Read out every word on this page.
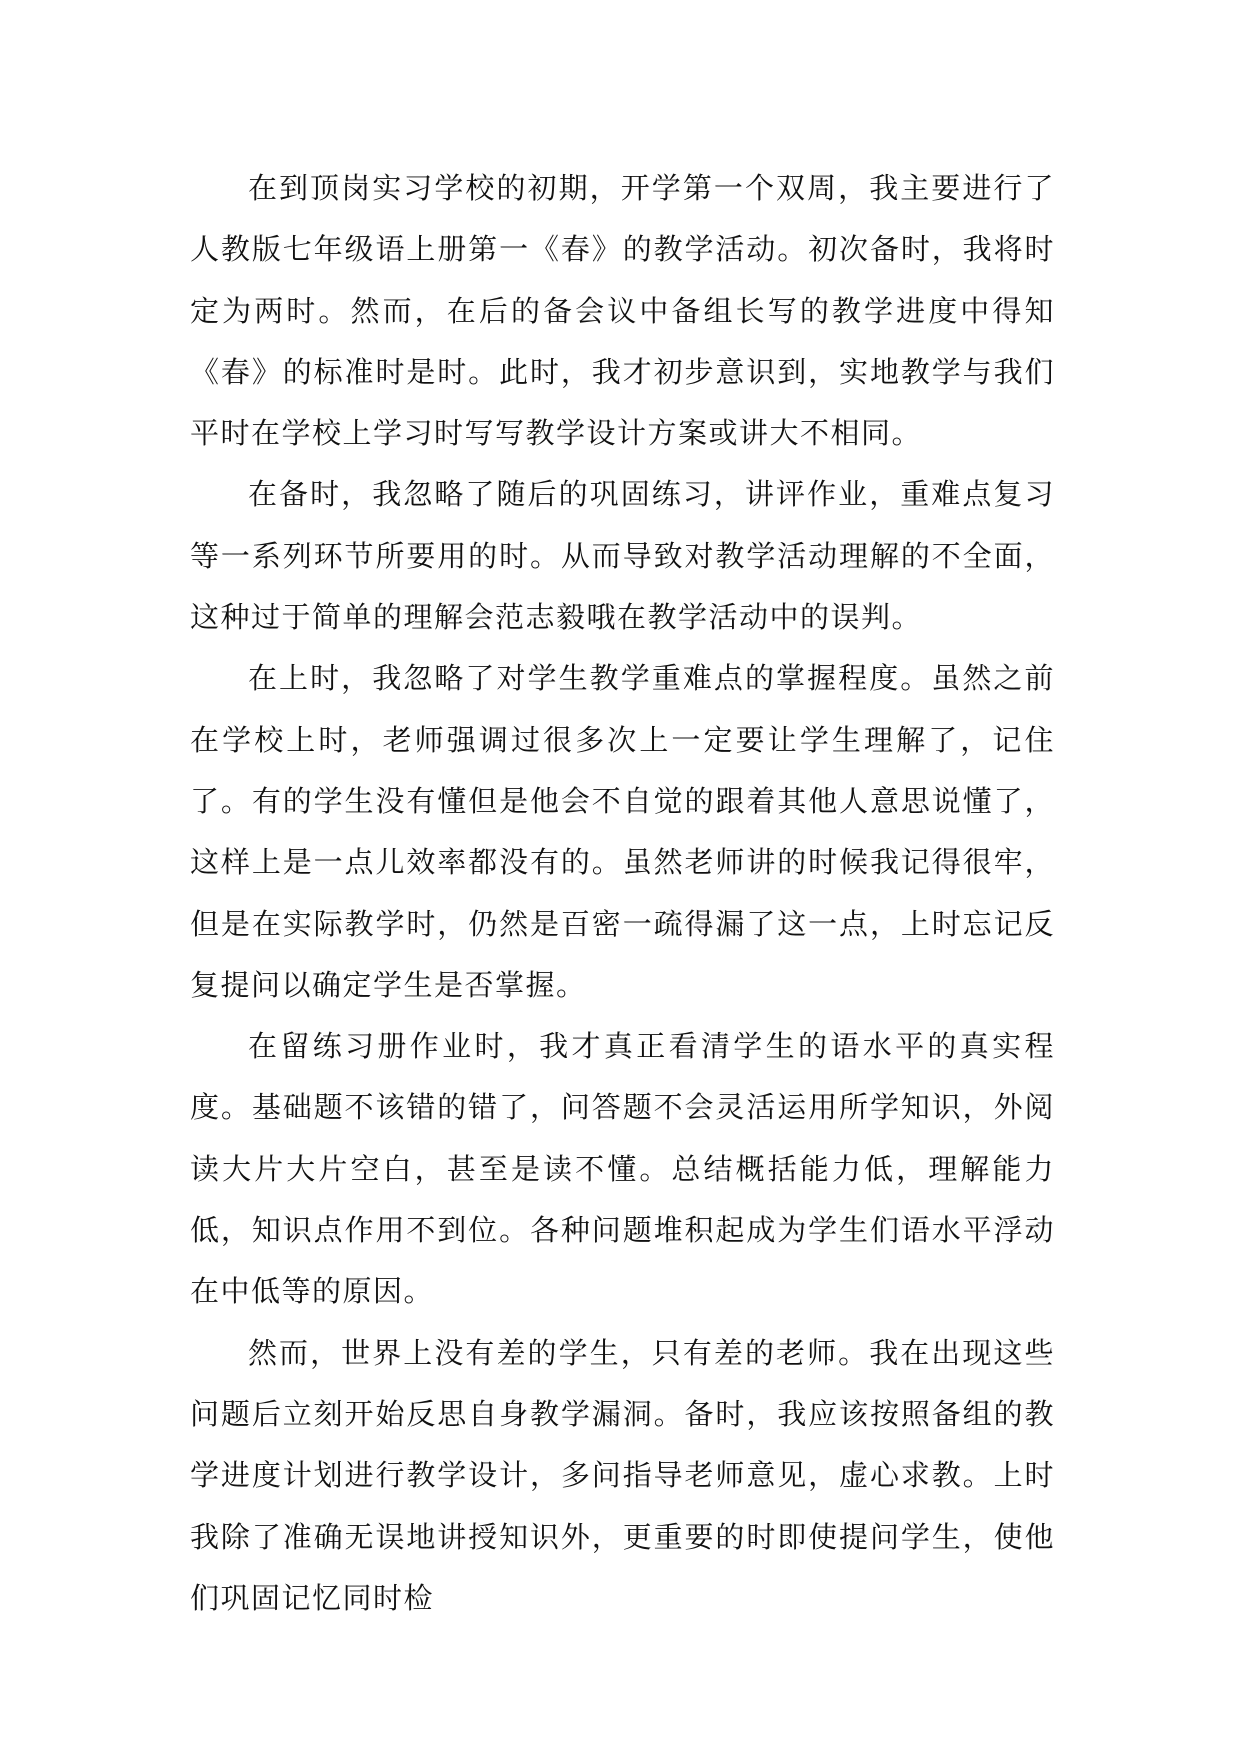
在到顶岗实习学校的初期，开学第一个双周，我主要进行了人教版七年级语上册第一《春》的教学活动。初次备时，我将时定为两时。然而，在后的备会议中备组长写的教学进度中得知《春》的标准时是时。此时，我才初步意识到，实地教学与我们平时在学校上学习时写写教学设计方案或讲大不相同。

在备时，我忽略了随后的巩固练习，讲评作业，重难点复习等一系列环节所要用的时。从而导致对教学活动理解的不全面，这种过于简单的理解会范志毅哦在教学活动中的误判。

在上时，我忽略了对学生教学重难点的掌握程度。虽然之前在学校上时，老师强调过很多次上一定要让学生理解了，记住了。有的学生没有懂但是他会不自觉的跟着其他人意思说懂了，这样上是一点儿效率都没有的。虽然老师讲的时候我记得很牢，但是在实际教学时，仍然是百密一疏得漏了这一点，上时忘记反复提问以确定学生是否掌握。

在留练习册作业时，我才真正看清学生的语水平的真实程度。基础题不该错的错了，问答题不会灵活运用所学知识，外阅读大片大片空白，甚至是读不懂。总结概括能力低，理解能力低，知识点作用不到位。各种问题堆积起成为学生们语水平浮动在中低等的原因。

然而，世界上没有差的学生，只有差的老师。我在出现这些问题后立刻开始反思自身教学漏洞。备时，我应该按照备组的教学进度计划进行教学设计，多问指导老师意见，虚心求教。上时我除了准确无误地讲授知识外，更重要的时即使提问学生，使他们巩固记忆同时检
